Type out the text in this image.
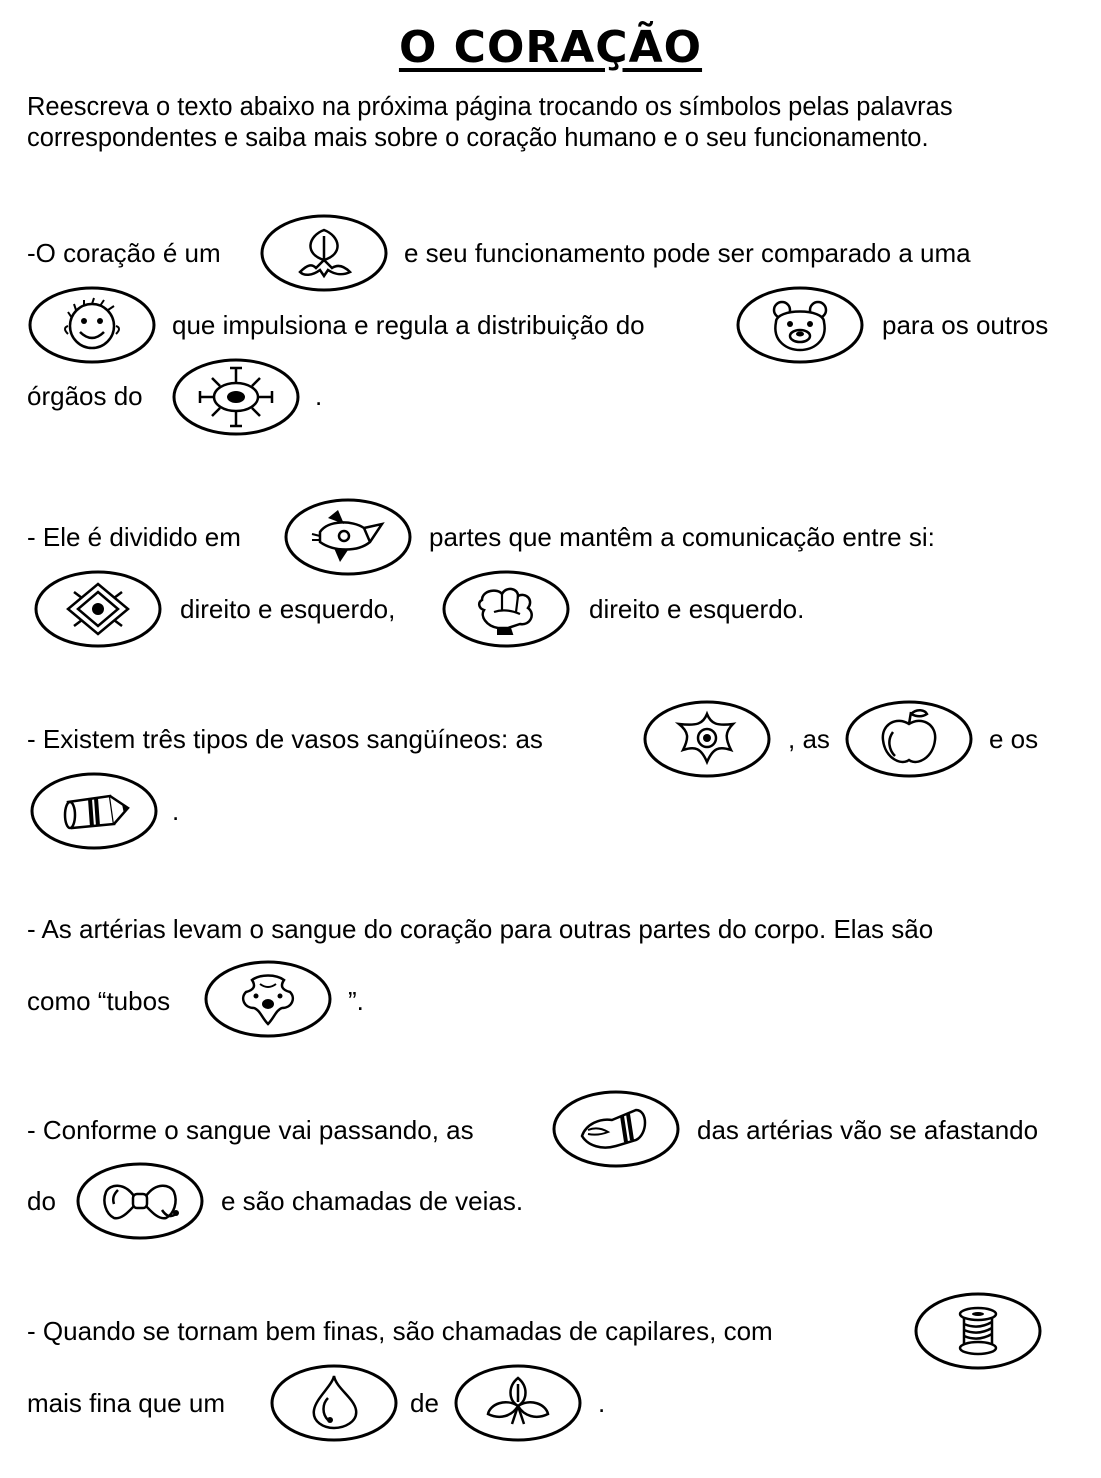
O CORAÇÃO
Reescreva o texto abaixo na próxima página trocando os símbolos pelas palavras correspondentes e saiba mais sobre o coração humano e o seu funcionamento.
-O coração é um	e seu funcionamento pode ser comparado a uma
que impulsiona e regula a distribuição do	para os outros
órgãos do	.
- Ele é dividido em	partes que mantêm a comunicação entre si:
direito e esquerdo,	direito e esquerdo.
- Existem três tipos de vasos sangüíneos: as	, as	e os
.
- As artérias levam o sangue do coração para outras partes do corpo. Elas são
como “tubos	”.
- Conforme o sangue vai passando, as	das artérias vão se afastando
do	e são chamadas de veias.
- Quando se tornam bem finas, são chamadas de capilares, com
mais fina que um	de	.
